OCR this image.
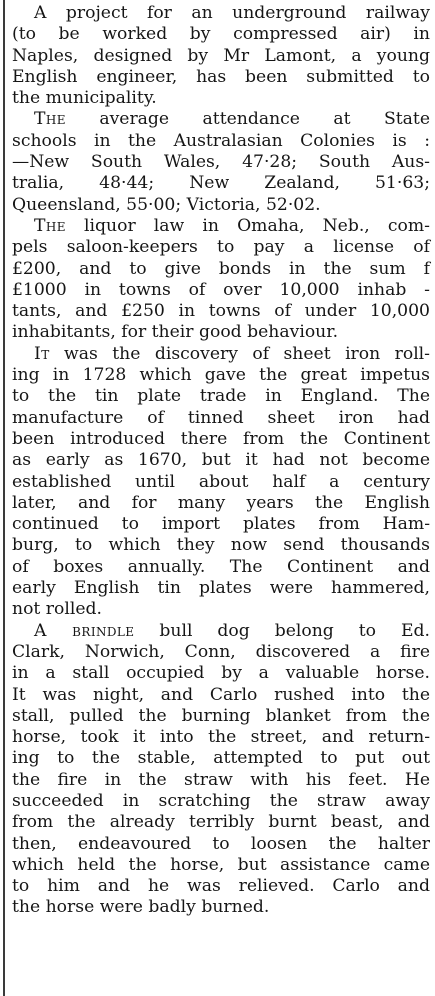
A project for an underground railway
(to be worked by compressed air) in
Naples, designed by Mr Lamont, a young
English engineer, has been submitted to
the municipality.
The average attendance at State
schools in the Australasian Colonies is :
—New South Wales, 47·28; South Aus-
tralia, 48·44; New Zealand, 51·63;
Queensland, 55·00; Victoria, 52·02.
The liquor law in Omaha, Neb., com-
pels saloon-keepers to pay a license of
£200, and to give bonds in the sum f
£1000 in towns of over 10,000 inhab -
tants, and £250 in towns of under 10,000
inhabitants, for their good behaviour.
It was the discovery of sheet iron roll-
ing in 1728 which gave the great impetus
to the tin plate trade in England. The
manufacture of tinned sheet iron had
been introduced there from the Continent
as early as 1670, but it had not become
established until about half a century
later, and for many years the English
continued to import plates from Ham-
burg, to which they now send thousands
of boxes annually. The Continent and
early English tin plates were hammered,
not rolled.
A brindle bull dog belong to Ed.
Clark, Norwich, Conn, discovered a fire
in a stall occupied by a valuable horse.
It was night, and Carlo rushed into the
stall, pulled the burning blanket from the
horse, took it into the street, and return-
ing to the stable, attempted to put out
the fire in the straw with his feet. He
succeeded in scratching the straw away
from the already terribly burnt beast, and
then, endeavoured to loosen the halter
which held the horse, but assistance came
to him and he was relieved. Carlo and
the horse were badly burned.
